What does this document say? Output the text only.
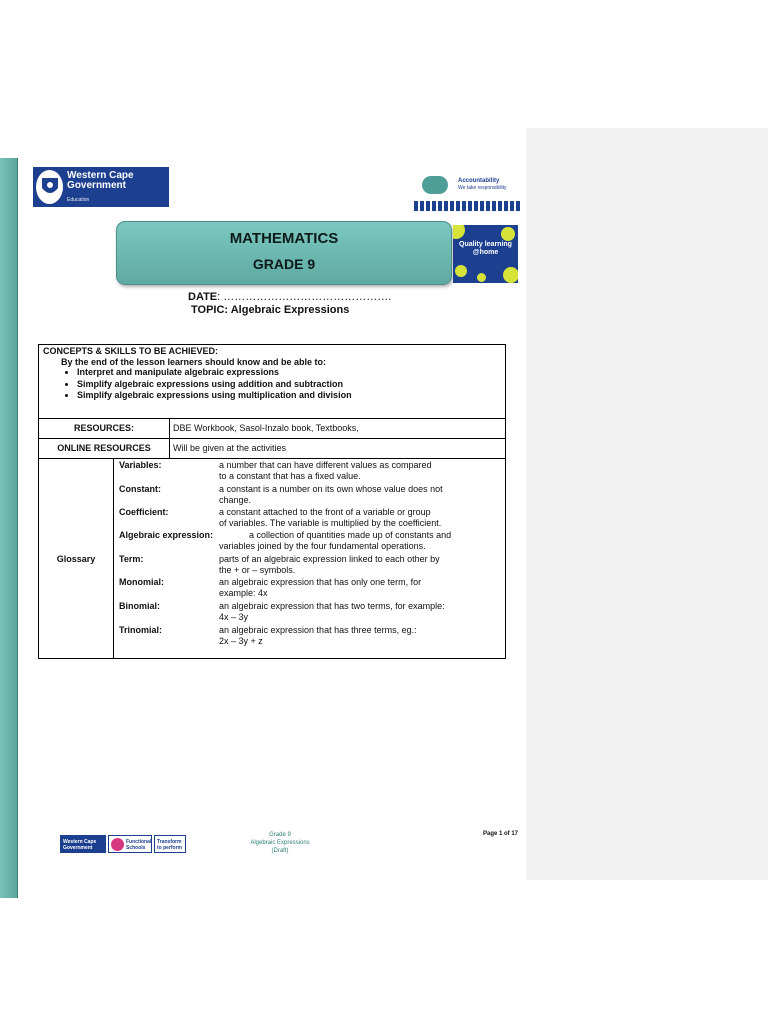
Western Cape Government
Education
Accountability
We take responsibility
MATHEMATICS
GRADE 9
Quality learning @home
DATE: ……………………………………….
TOPIC: Algebraic Expressions
CONCEPTS & SKILLS TO BE ACHIEVED:
By the end of the lesson learners should know and be able to:
• Interpret and manipulate algebraic expressions
• Simplify algebraic expressions using addition and subtraction
• Simplify algebraic expressions using multiplication and division
RESOURCES:	DBE Workbook, Sasol-Inzalo book, Textbooks,
ONLINE RESOURCES	Will be given at the activities
Glossary
Variables:	a number that can have different values as compared
to a constant that has a fixed value.
Constant:	a constant is a number on its own whose value does not
change.
Coefficient:	a constant attached to the front of a variable or group
of variables. The variable is multiplied by the coefficient.
Algebraic expression:	a collection of quantities made up of constants and
variables joined by the four fundamental operations.
Term:	parts of an algebraic expression linked to each other by
the + or – symbols.
Monomial:	an algebraic expression that has only one term, for
example: 4x
Binomial:	an algebraic expression that has two terms, for example:
4x – 3y
Trinomial:	an algebraic expression that has three terms, eg.:
2x – 3y + z
Western Cape Government
Functional Schools
Transform to perform
Grade 9
Algebraic Expressions
(Draft)
Page 1 of 17
